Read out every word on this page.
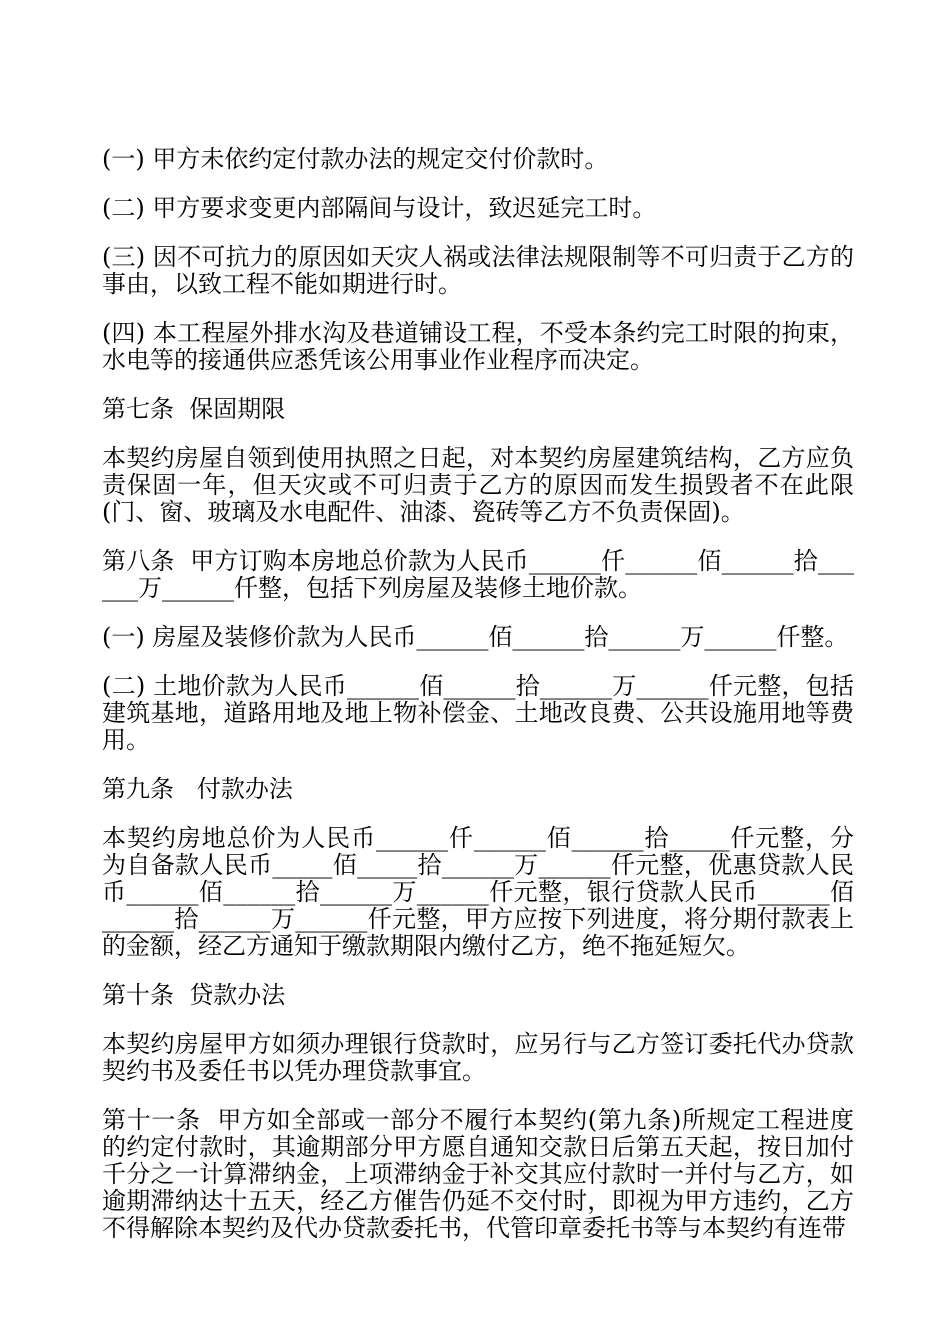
(一) 甲方未依约定付款办法的规定交付价款时。

(二) 甲方要求变更内部隔间与设计，致迟延完工时。

(三) 因不可抗力的原因如天灾人祸或法律法规限制等不可归责于乙方的事由，以致工程不能如期进行时。

(四) 本工程屋外排水沟及巷道铺设工程，不受本条约完工时限的拘束，水电等的接通供应悉凭该公用事业作业程序而决定。

第七条  保固期限

本契约房屋自领到使用执照之日起，对本契约房屋建筑结构，乙方应负责保固一年，但天灾或不可归责于乙方的原因而发生损毁者不在此限(门、窗、玻璃及水电配件、油漆、瓷砖等乙方不负责保固)。

第八条  甲方订购本房地总价款为人民币______仟______佰______拾______万______仟整，包括下列房屋及装修土地价款。

(一) 房屋及装修价款为人民币______佰______拾______万______仟整。

(二) 土地价款为人民币______佰______拾______万______仟元整，包括建筑基地，道路用地及地上物补偿金、土地改良费、公共设施用地等费用。

第九条   付款办法

本契约房地总价为人民币______仟______佰______拾_____仟元整，分为自备款人民币_____佰_____拾______万______仟元整，优惠贷款人民币______佰______拾______万______仟元整，银行贷款人民币______佰______拾______万______仟元整，甲方应按下列进度，将分期付款表上的金额，经乙方通知于缴款期限内缴付乙方，绝不拖延短欠。

第十条  贷款办法

本契约房屋甲方如须办理银行贷款时，应另行与乙方签订委托代办贷款契约书及委任书以凭办理贷款事宜。

第十一条  甲方如全部或一部分不履行本契约(第九条)所规定工程进度的约定付款时，其逾期部分甲方愿自通知交款日后第五天起，按日加付千分之一计算滞纳金，上项滞纳金于补交其应付款时一并付与乙方，如逾期滞纳达十五天，经乙方催告仍延不交付时，即视为甲方违约，乙方不得解除本契约及代办贷款委托书，代管印章委托书等与本契约有连带
